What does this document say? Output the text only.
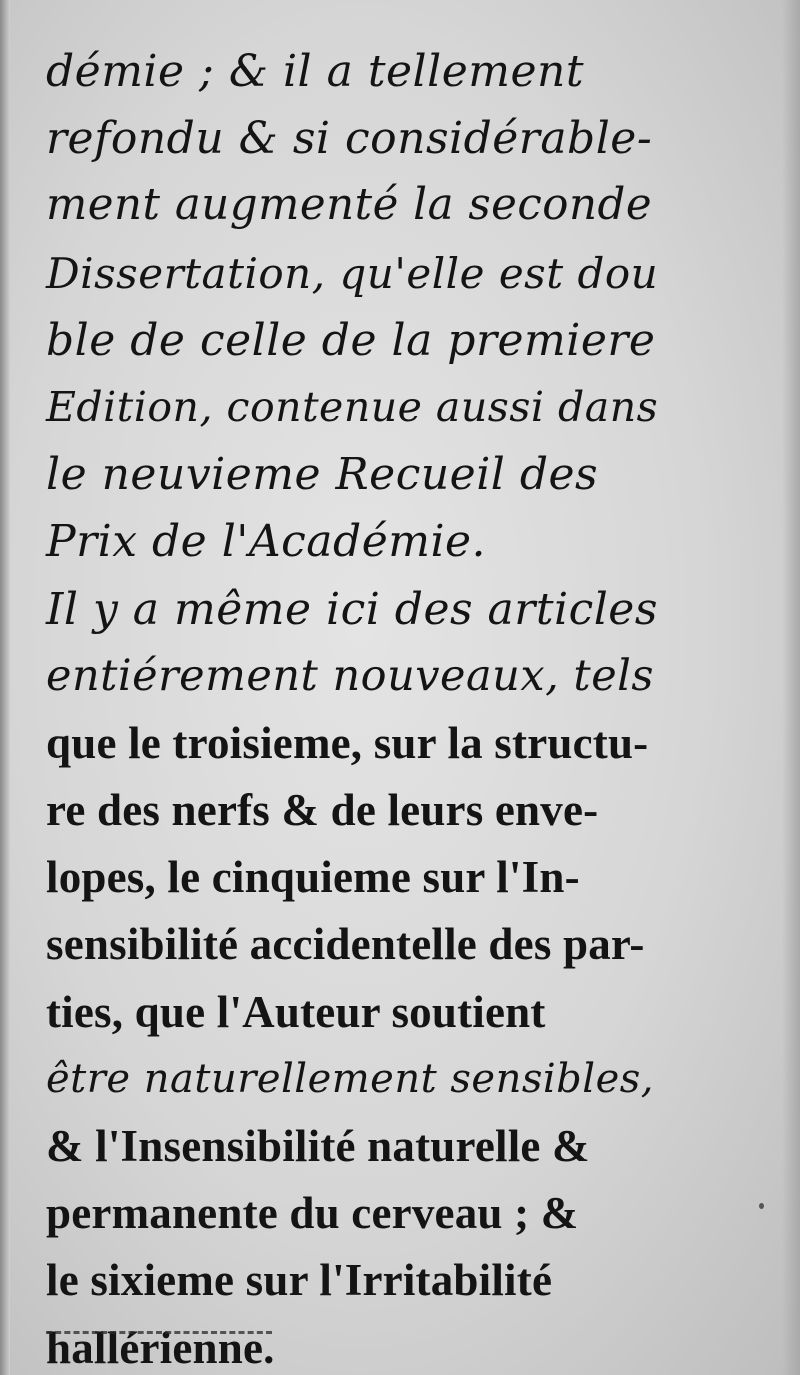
démie ; & il a tellement
refondu & si considérable-
ment augmenté la seconde
Dissertation, qu'elle est dou
ble de celle de la premiere
Edition, contenue aussi dans
le neuvieme Recueil des
Prix de l'Académie.
Il y a même ici des articles
entiérement nouveaux, tels
que le troisieme, sur la structu-
re des nerfs & de leurs enve-
lopes, le cinquieme sur l'In-
sensibilité accidentelle des par-
ties, que l'Auteur soutient
être naturellement sensibles,
& l'Insensibilité naturelle &
permanente du cerveau ; &
le sixieme sur l'Irritabilité
hallérienne.
